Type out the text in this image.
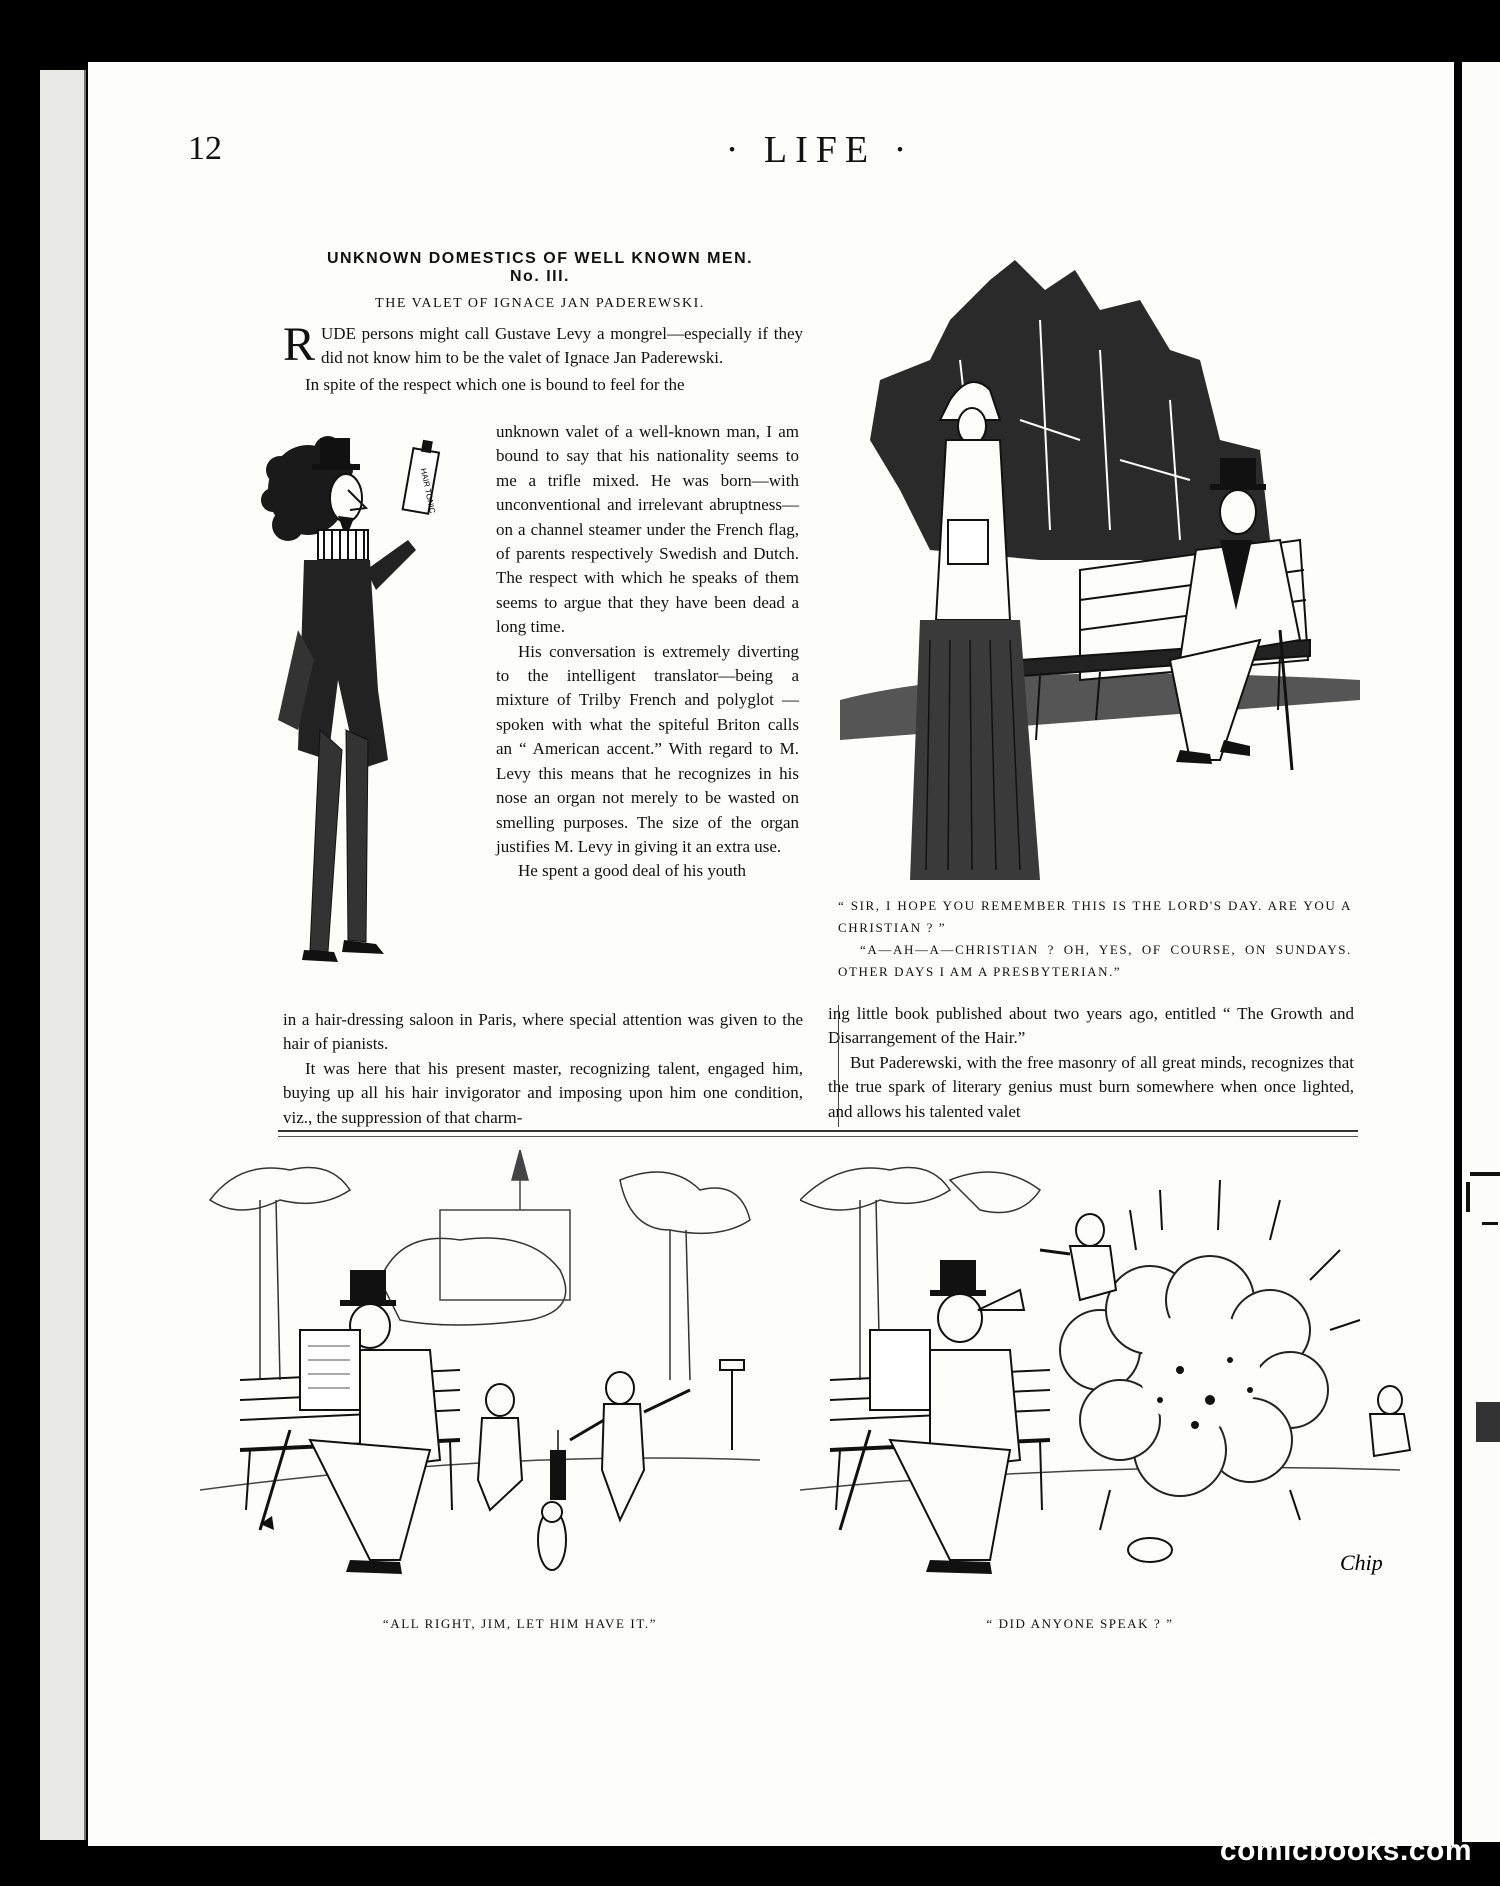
12	· LIFE ·
UNKNOWN DOMESTICS OF WELL KNOWN MEN.
No. III.
THE VALET OF IGNACE JAN PADEREWSKI.

RUDE persons might call Gustave Levy a mongrel—especially if they did not know him to be the valet of Ignace Jan Paderewski.

In spite of the respect which one is bound to feel for the

unknown valet of a well-known man, I am bound to say that his nationality seems to me a trifle mixed. He was born—with unconventional and irrelevant abruptness—on a channel steamer under the French flag, of parents respectively Swedish and Dutch. The respect with which he speaks of them seems to argue that they have been dead a long time.

His conversation is extremely diverting to the intelligent translator—being a mixture of Trilby French and polyglot —spoken with what the spiteful Briton calls an “ American accent.” With regard to M. Levy this means that he recognizes in his nose an organ not merely to be wasted on smelling purposes. The size of the organ justifies M. Levy in giving it an extra use.

He spent a good deal of his youth

in a hair-dressing saloon in Paris, where special attention was given to the hair of pianists.

It was here that his present master, recognizing talent, engaged him, buying up all his hair invigorator and imposing upon him one condition, viz., the suppression of that charm-

ing little book published about two years ago, entitled “ The Growth and Disarrangement of the Hair.”

But Paderewski, with the free masonry of all great minds, recognizes that the true spark of literary genius must burn somewhere when once lighted, and allows his talented valet

HAIR TONIC
“ SIR, I HOPE YOU REMEMBER THIS IS THE LORD'S DAY. ARE YOU A CHRISTIAN ? ”
“A—AH—A—CHRISTIAN ? OH, YES, OF COURSE, ON SUNDAYS. OTHER DAYS I AM A PRESBYTERIAN.”
Chip
“ALL RIGHT, JIM, LET HIM HAVE IT.”	“ DID ANYONE SPEAK ? ”
comicbooks.com
